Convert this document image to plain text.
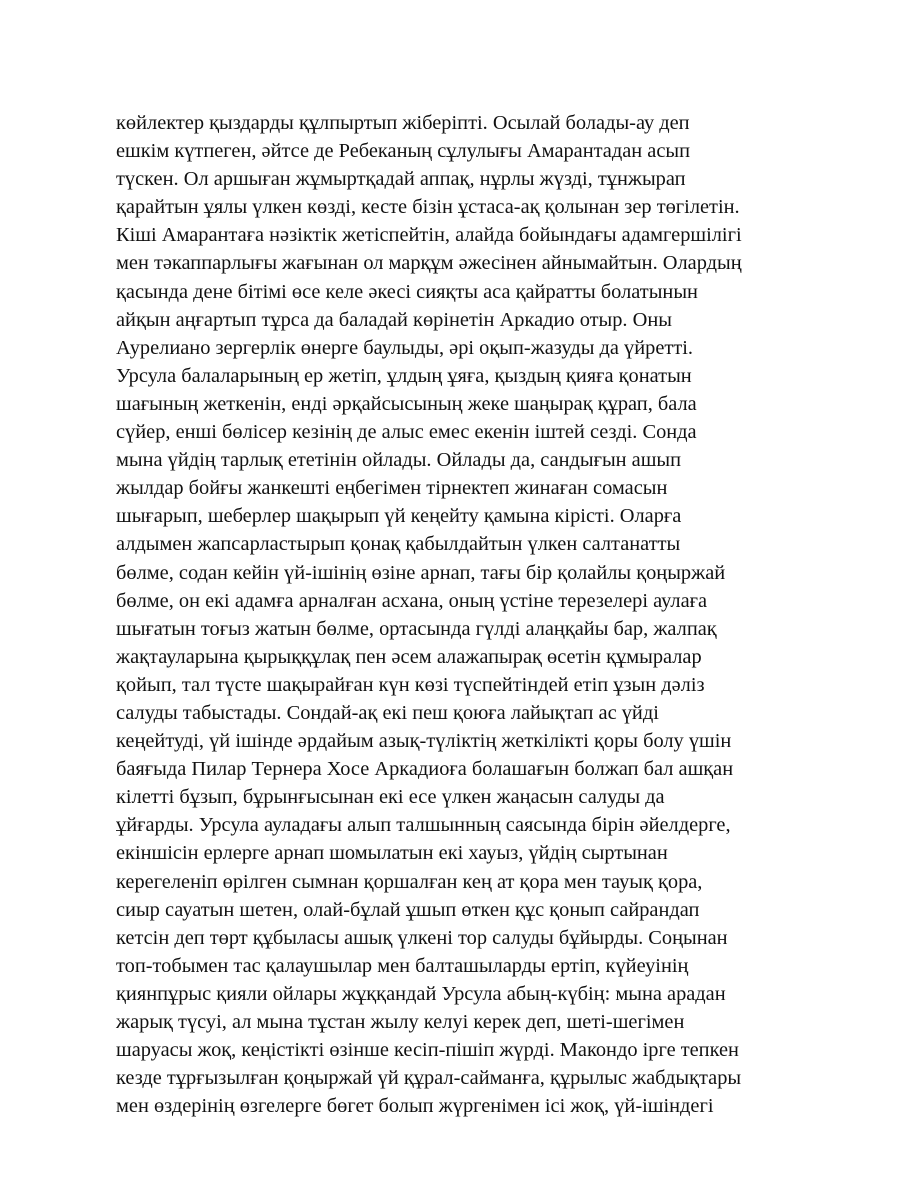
көйлектер қыздарды құлпыртып жіберіпті. Осылай болады-ау деп
ешкім күтпеген, әйтсе де Ребеканың сұлулығы Амарантадан асып
түскен. Ол аршыған жұмыртқадай аппақ, нұрлы жүзді, тұнжырап
қарайтын ұялы үлкен көзді, кесте бізін ұстаса-ақ қолынан зер төгілетін.
Кіші Амарантаға нәзіктік жетіспейтін, алайда бойындағы адамгершілігі
мен тәкаппарлығы жағынан ол марқұм әжесінен айнымайтын. Олардың
қасында дене бітімі өсе келе әкесі сияқты аса қайратты болатынын
айқын аңғартып тұрса да баладай көрінетін Аркадио отыр. Оны
Аурелиано зергерлік өнерге баулыды, әрі оқып-жазуды да үйретті.
Урсула балаларының ер жетіп, ұлдың ұяға, қыздың қияға қонатын
шағының жеткенін, енді әрқайсысының жеке шаңырақ құрап, бала
сүйер, енші бөлісер кезінің де алыс емес екенін іштей сезді. Сонда
мына үйдің тарлық ететінін ойлады. Ойлады да, сандығын ашып
жылдар бойғы жанкешті еңбегімен тірнектеп жинаған сомасын
шығарып, шеберлер шақырып үй кеңейту қамына кірісті. Оларға
алдымен жапсарластырып қонақ қабылдайтын үлкен салтанатты
бөлме, содан кейін үй-ішінің өзіне арнап, тағы бір қолайлы қоңыржай
бөлме, он екі адамға арналған асхана, оның үстіне терезелері аулаға
шығатын тоғыз жатын бөлме, ортасында гүлді алаңқайы бар, жалпақ
жақтауларына қырыққұлақ пен әсем алажапырақ өсетін құмыралар
қойып, тал түсте шақырайған күн көзі түспейтіндей етіп ұзын дәліз
салуды табыстады. Сондай-ақ екі пеш қоюға лайықтап ас үйді
кеңейтуді, үй ішінде әрдайым азық-түліктің жеткілікті қоры болу үшін
баяғыда Пилар Тернера Хосе Аркадиоға болашағын болжап бал ашқан
кілетті бұзып, бұрынғысынан екі есе үлкен жаңасын салуды да
ұйғарды. Урсула ауладағы алып талшынның саясында бірін әйелдерге,
екіншісін ерлерге арнап шомылатын екі хауыз, үйдің сыртынан
керегеленіп өрілген сымнан қоршалған кең ат қора мен тауық қора,
сиыр сауатын шетен, олай-бұлай ұшып өткен құс қонып сайрандап
кетсін деп төрт құбыласы ашық үлкені тор салуды бұйырды. Соңынан
топ-тобымен тас қалаушылар мен балташыларды ертіп, күйеуінің
қиянпұрыс қияли ойлары жұққандай Урсула абың-күбің: мына арадан
жарық түсуі, ал мына тұстан жылу келуі керек деп, шеті-шегімен
шаруасы жоқ, кеңістікті өзінше кесіп-пішіп жүрді. Макондо ірге тепкен
кезде тұрғызылған қоңыржай үй құрал-сайманға, құрылыс жабдықтары
мен өздерінің өзгелерге бөгет болып жүргенімен ісі жоқ, үй-ішіндегі
